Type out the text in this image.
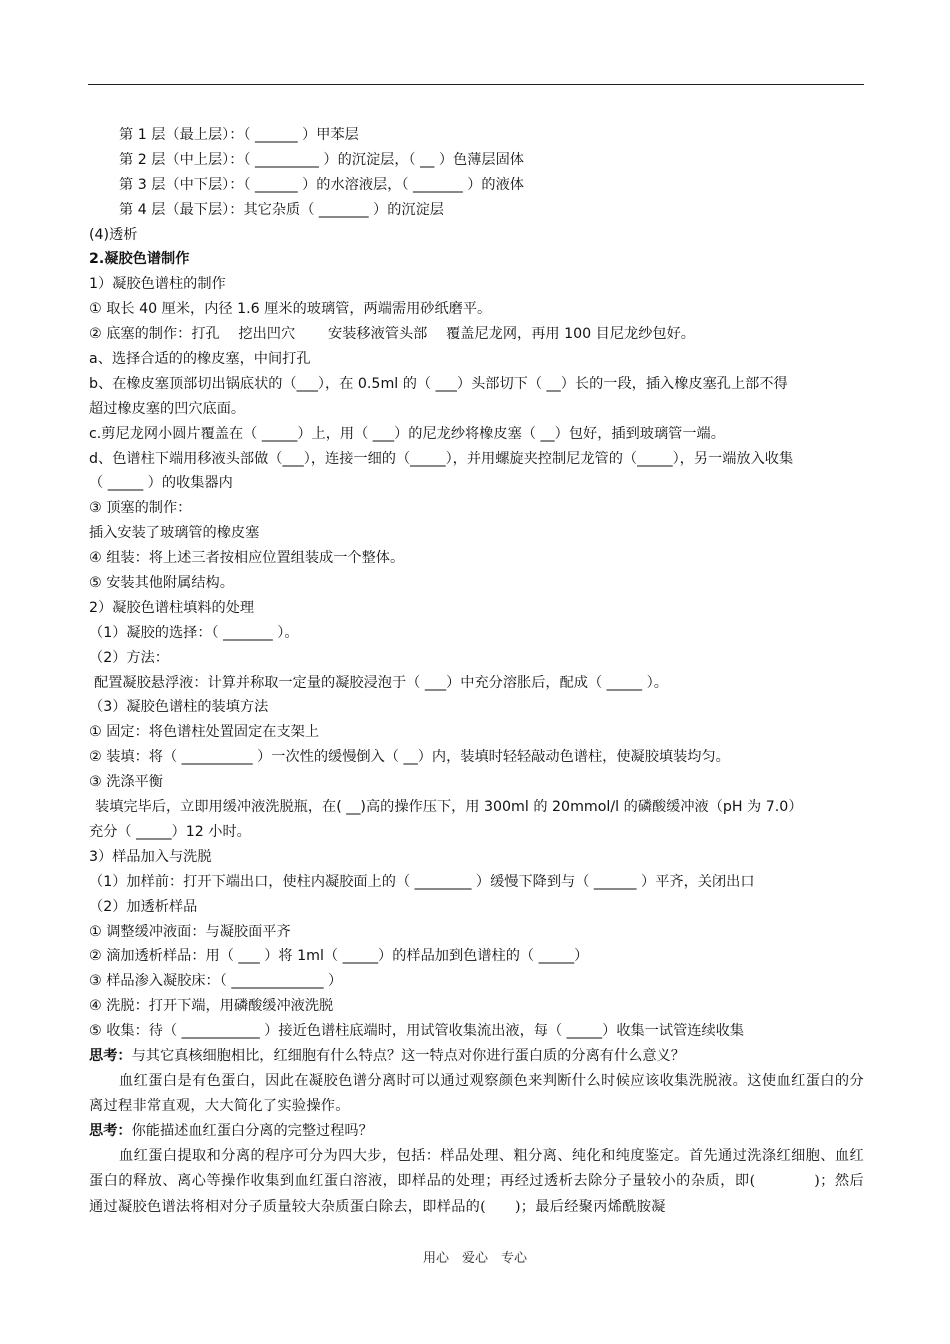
第 1 层（最上层）：（ ______ ）甲苯层
第 2 层（中上层）：（ _________ ）的沉淀层，（ __ ）色薄层固体
第 3 层（中下层）：（ ______ ）的水溶液层，（ _______ ）的液体
第 4 层（最下层）：其它杂质（ _______ ）的沉淀层
(4)透析
2.凝胶色谱制作
1）凝胶色谱柱的制作
① 取长 40 厘米，内径 1.6 厘米的玻璃管，两端需用砂纸磨平。
② 底塞的制作：打孔　 挖出凹穴　　 安装移液管头部　 覆盖尼龙网，再用 100 目尼龙纱包好。
a、选择合适的的橡皮塞，中间打孔
b、在橡皮塞顶部切出锅底状的（___），在 0.5ml 的（ ___）头部切下（ __）长的一段，插入橡皮塞孔上部不得
超过橡皮塞的凹穴底面。
c.剪尼龙网小圆片覆盖在（ _____）上，用（ ___）的尼龙纱将橡皮塞（ __）包好，插到玻璃管一端。
d、色谱柱下端用移液头部做（___），连接一细的（_____），并用螺旋夹控制尼龙管的（_____），另一端放入收集
（ _____ ）的收集器内
③ 顶塞的制作：
插入安装了玻璃管的橡皮塞
④ 组装：将上述三者按相应位置组装成一个整体。
⑤ 安装其他附属结构。
2）凝胶色谱柱填料的处理
（1）凝胶的选择：（ _______ ）。
（2）方法：
配置凝胶悬浮液：计算并称取一定量的凝胶浸泡于（ ___）中充分溶胀后，配成（ _____ ）。
（3）凝胶色谱柱的装填方法
① 固定：将色谱柱处置固定在支架上
② 装填：将（ __________ ）一次性的缓慢倒入（ __）内，装填时轻轻敲动色谱柱，使凝胶填装均匀。
③ 洗涤平衡
装填完毕后，立即用缓冲液洗脱瓶，在( __)高的操作压下，用 300ml 的 20mmol/l 的磷酸缓冲液（pH 为 7.0）
充分（ _____）12 小时。
3）样品加入与洗脱
（1）加样前：打开下端出口，使柱内凝胶面上的（ ________ ）缓慢下降到与（ ______ ）平齐，关闭出口
（2）加透析样品
① 调整缓冲液面：与凝胶面平齐
② 滴加透析样品：用（ ___ ）将 1ml（ _____）的样品加到色谱柱的（ _____）
③ 样品渗入凝胶床：（ _____________ ）
④ 洗脱：打开下端，用磷酸缓冲液洗脱
⑤ 收集：待（ ___________ ）接近色谱柱底端时，用试管收集流出液，每（ _____）收集一试管连续收集
思考：与其它真核细胞相比，红细胞有什么特点？这一特点对你进行蛋白质的分离有什么意义？
血红蛋白是有色蛋白，因此在凝胶色谱分离时可以通过观察颜色来判断什么时候应该收集洗脱液。这使血红蛋白的分离过程非常直观，大大简化了实验操作。
思考：你能描述血红蛋白分离的完整过程吗？
血红蛋白提取和分离的程序可分为四大步，包括：样品处理、粗分离、纯化和纯度鉴定。首先通过洗涤红细胞、血红蛋白的释放、离心等操作收集到血红蛋白溶液，即样品的处理；再经过透析去除分子量较小的杂质，即(　　　　)；然后通过凝胶色谱法将相对分子质量较大杂质蛋白除去，即样品的(　　)；最后经聚丙烯酰胺凝
用心　爱心　专心
